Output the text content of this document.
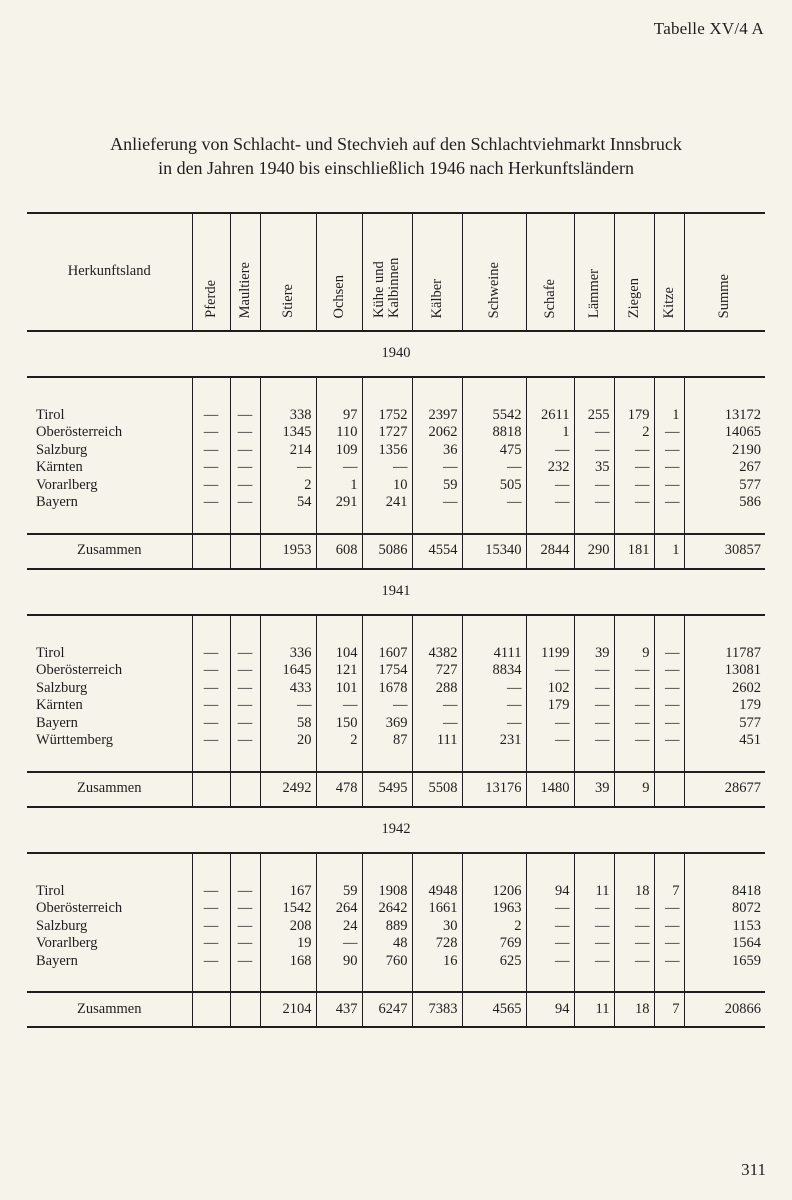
Tabelle XV/4 A
Anlieferung von Schlacht- und Stechvieh auf den Schlachtviehmarkt Innsbruck
in den Jahren 1940 bis einschließlich 1946 nach Herkunftsländern
Herkunftsland	Pferde	Maultiere	Stiere	Ochsen	Kühe und Kalbinnen	Kälber	Schweine	Schafe	Lämmer	Ziegen	Kitze	Summe
1940												

Tirol	—	—	338	97	1752	2397	5542	2611	255	179	1	13172
Oberösterreich	—	—	1345	110	1727	2062	8818	1	—	2	—	14065
Salzburg	—	—	214	109	1356	36	475	—	—	—	—	2190
Kärnten	—	—	—	—	—	—	—	232	35	—	—	267
Vorarlberg	—	—	2	1	10	59	505	—	—	—	—	577
Bayern	—	—	54	291	241	—	—	—	—	—	—	586

Zusammen			1953	608	5086	4554	15340	2844	290	181	1	30857
1941												

Tirol	—	—	336	104	1607	4382	4111	1199	39	9	—	11787
Oberösterreich	—	—	1645	121	1754	727	8834	—	—	—	—	13081
Salzburg	—	—	433	101	1678	288	—	102	—	—	—	2602
Kärnten	—	—	—	—	—	—	—	179	—	—	—	179
Bayern	—	—	58	150	369	—	—	—	—	—	—	577
Württemberg	—	—	20	2	87	111	231	—	—	—	—	451

Zusammen			2492	478	5495	5508	13176	1480	39	9		28677
1942												

Tirol	—	—	167	59	1908	4948	1206	94	11	18	7	8418
Oberösterreich	—	—	1542	264	2642	1661	1963	—	—	—	—	8072
Salzburg	—	—	208	24	889	30	2	—	—	—	—	1153
Vorarlberg	—	—	19	—	48	728	769	—	—	—	—	1564
Bayern	—	—	168	90	760	16	625	—	—	—	—	1659

Zusammen			2104	437	6247	7383	4565	94	11	18	7	20866
311
